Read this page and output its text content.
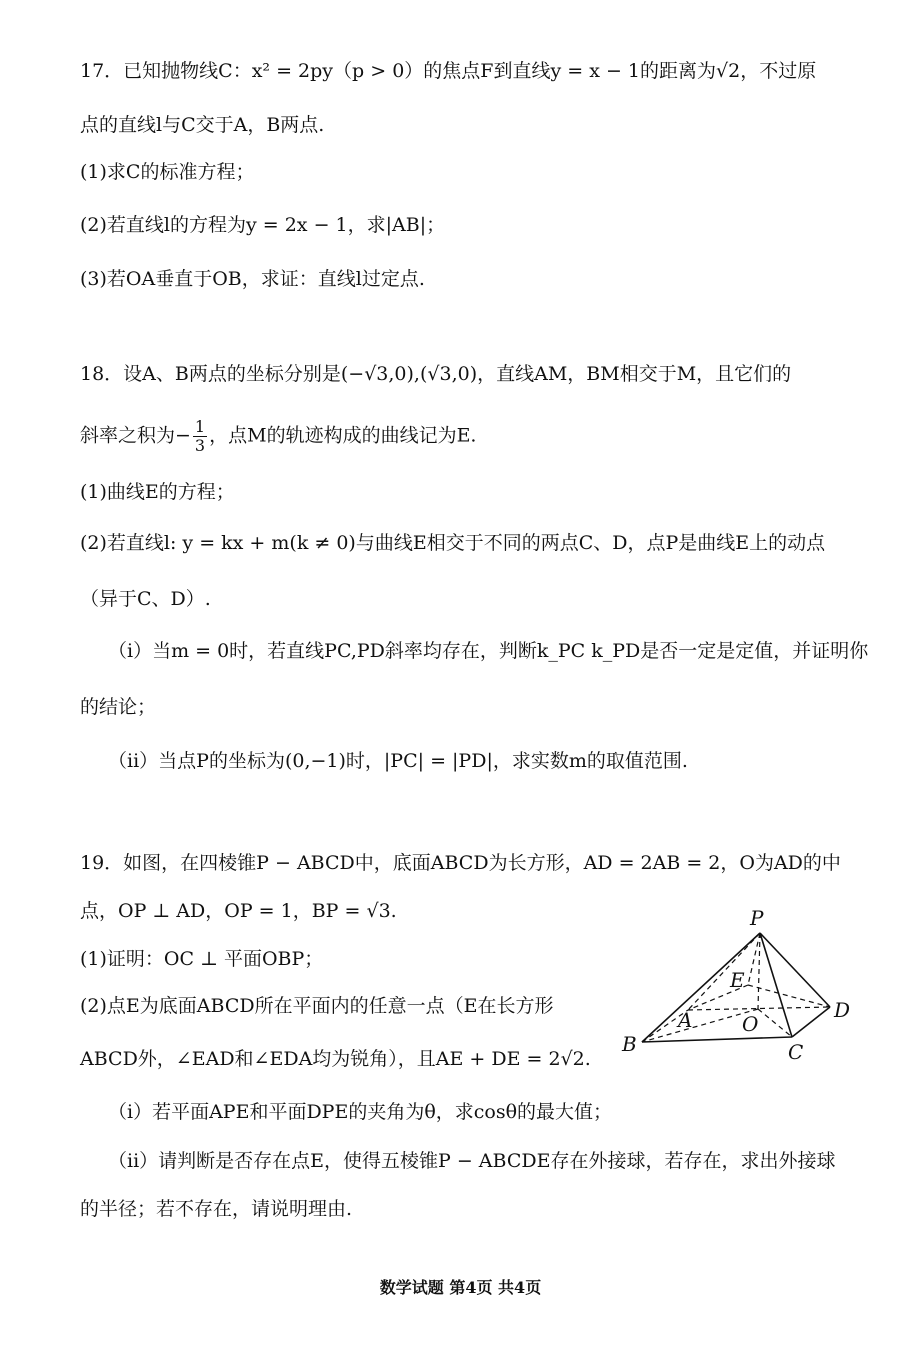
17．已知抛物线C：x² = 2py（p > 0）的焦点F到直线y = x − 1的距离为√2，不过原
点的直线l与C交于A，B两点.
(1)求C的标准方程；
(2)若直线l的方程为y = 2x − 1，求|AB|；
(3)若OA垂直于OB，求证：直线l过定点.
18．设A、B两点的坐标分别是(−√3,0),(√3,0)，直线AM，BM相交于M，且它们的
斜率之积为− $\frac{1}{3}$ ，点M的轨迹构成的曲线记为E.
(1)曲线E的方程；
(2)若直线l: y = kx + m(k ≠ 0)与曲线E相交于不同的两点C、D，点P是曲线E上的动点
（异于C、D）.
（i）当m = 0时，若直线PC,PD斜率均存在，判断k_PC k_PD是否一定是定值，并证明你
的结论；
（ii）当点P的坐标为(0,−1)时，|PC| = |PD|，求实数m的取值范围.
19．如图，在四棱锥P − ABCD中，底面ABCD为长方形，AD = 2AB = 2，O为AD的中
点，OP ⊥ AD，OP = 1，BP = √3.
(1)证明：OC ⊥ 平面OBP；
(2)点E为底面ABCD所在平面内的任意一点（E在长方形
ABCD外，∠EAD和∠EDA均为锐角），且AE + DE = 2√2.
（i）若平面APE和平面DPE的夹角为θ，求cosθ的最大值；
（ii）请判断是否存在点E，使得五棱锥P − ABCDE存在外接球，若存在，求出外接球
的半径；若不存在，请说明理由.
P
E
A O
D
B	C
数学试题 第4页 共4页
